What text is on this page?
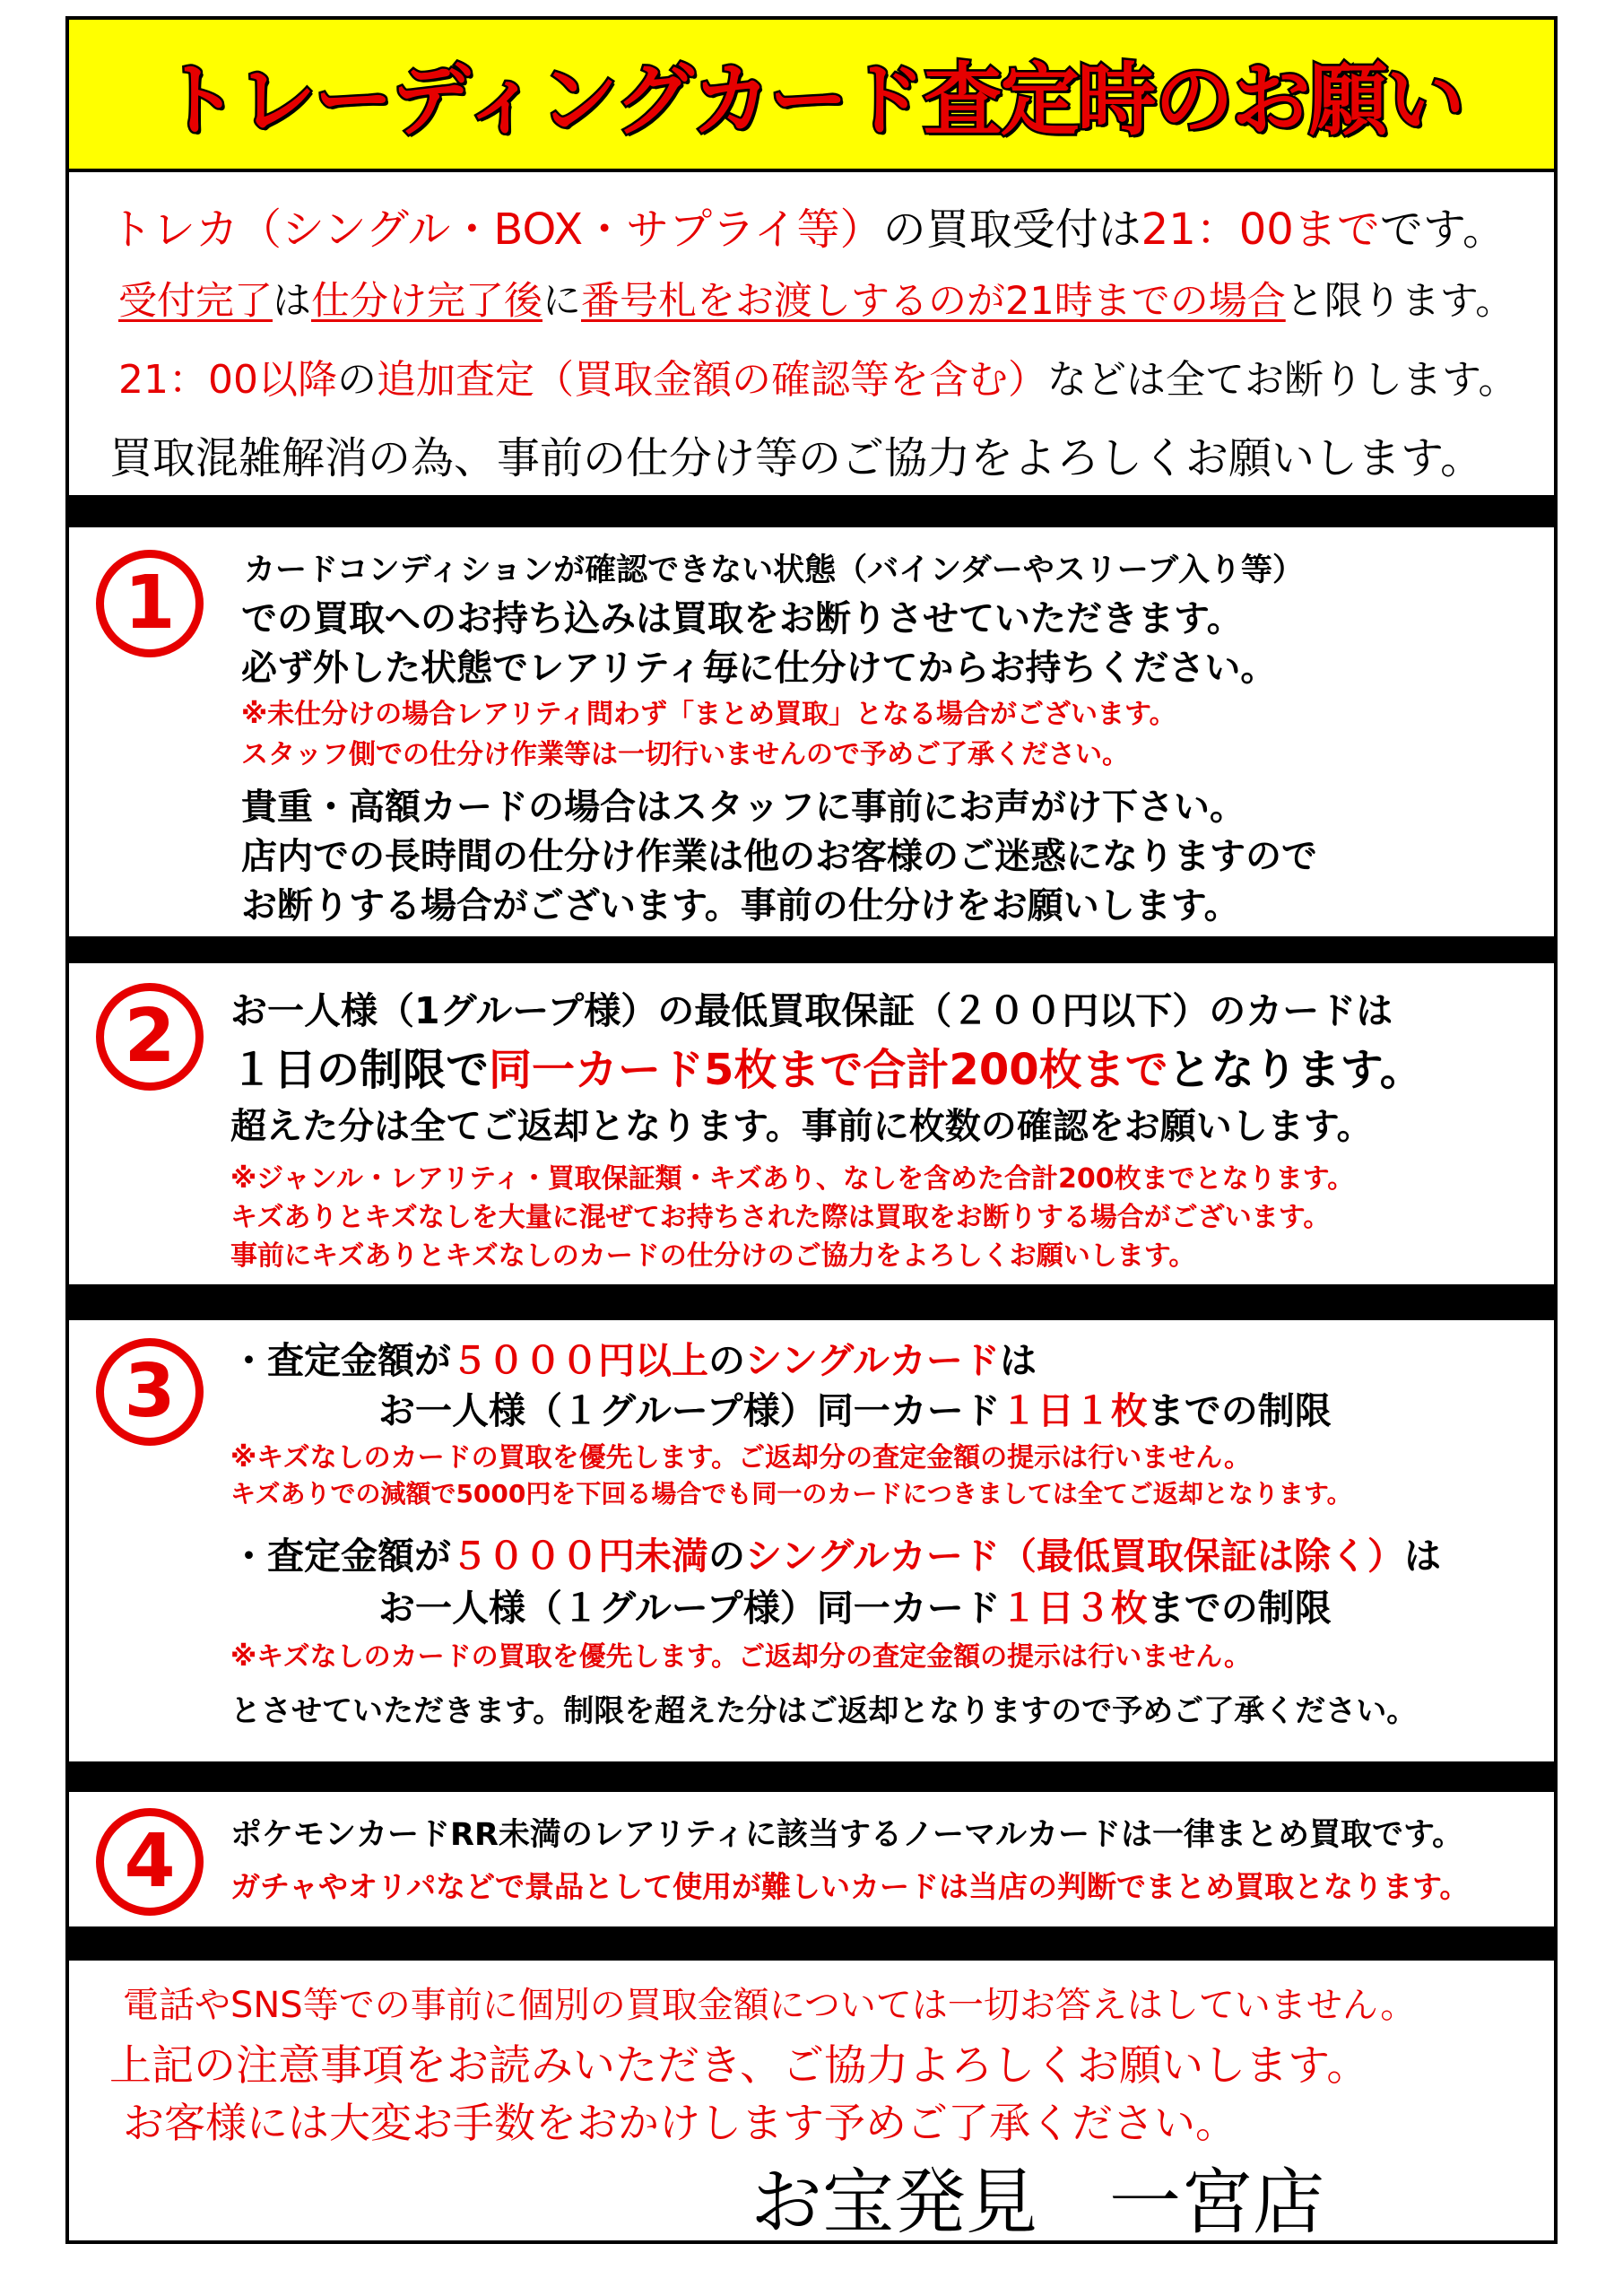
トレーディングカード査定時のお願い
トレカ（シングル・BOX・サプライ等）の買取受付は21：00までです。
受付完了は仕分け完了後に番号札をお渡しするのが21時までの場合と限ります。
21：00以降の追加査定（買取金額の確認等を含む）などは全てお断りします。
買取混雑解消の為、事前の仕分け等のご協力をよろしくお願いします。
1	カードコンディションが確認できない状態（バインダーやスリーブ入り等）
での買取へのお持ち込みは買取をお断りさせていただきます。
必ず外した状態でレアリティ毎に仕分けてからお持ちください。
※未仕分けの場合レアリティ問わず「まとめ買取」となる場合がございます。
スタッフ側での仕分け作業等は一切行いませんので予めご了承ください。
貴重・高額カードの場合はスタッフに事前にお声がけ下さい。
店内での長時間の仕分け作業は他のお客様のご迷惑になりますので
お断りする場合がございます。事前の仕分けをお願いします。
2	お一人様（1グループ様）の最低買取保証（２００円以下）のカードは
１日の制限で同一カード5枚まで合計200枚までとなります。
超えた分は全てご返却となります。事前に枚数の確認をお願いします。
※ジャンル・レアリティ・買取保証類・キズあり、なしを含めた合計200枚までとなります。
キズありとキズなしを大量に混ぜてお持ちされた際は買取をお断りする場合がございます。
事前にキズありとキズなしのカードの仕分けのご協力をよろしくお願いします。
3	・査定金額が５０００円以上のシングルカードは
お一人様（１グループ様）同一カード１日１枚までの制限
※キズなしのカードの買取を優先します。ご返却分の査定金額の提示は行いません。
キズありでの減額で5000円を下回る場合でも同一のカードにつきましては全てご返却となります。
・査定金額が５０００円未満のシングルカード（最低買取保証は除く）は
お一人様（１グループ様）同一カード１日３枚までの制限
※キズなしのカードの買取を優先します。ご返却分の査定金額の提示は行いません。
とさせていただきます。制限を超えた分はご返却となりますので予めご了承ください。
4	ポケモンカードRR未満のレアリティに該当するノーマルカードは一律まとめ買取です。
ガチャやオリパなどで景品として使用が難しいカードは当店の判断でまとめ買取となります。
電話やSNS等での事前に個別の買取金額については一切お答えはしていません。
上記の注意事項をお読みいただき、ご協力よろしくお願いします。
お客様には大変お手数をおかけします予めご了承ください。
お宝発見　一宮店
